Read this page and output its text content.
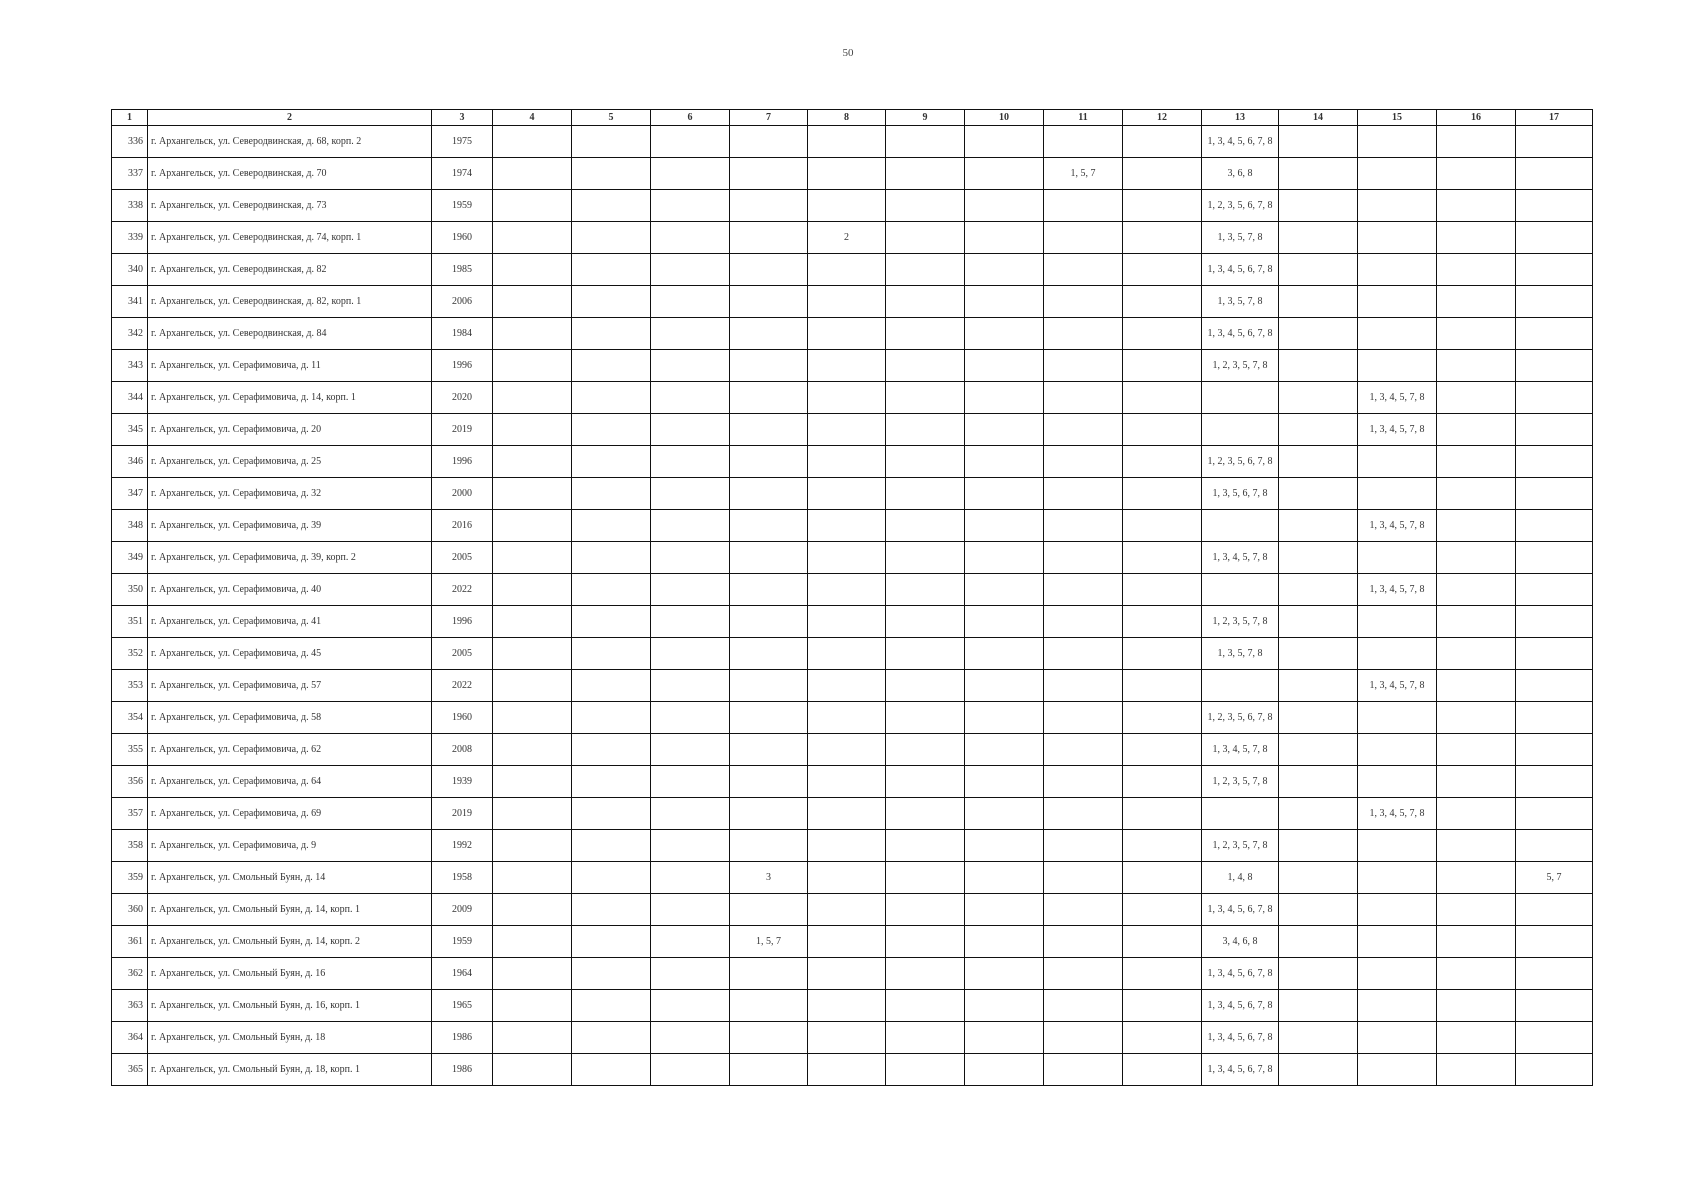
50
1	2	3	4	5	6	7	8	9	10	11	12	13	14	15	16	17
336	г. Архангельск, ул. Северодвинская, д. 68, корп. 2	1975										1, 3, 4, 5, 6, 7, 8				
337	г. Архангельск, ул. Северодвинская, д. 70	1974								1, 5, 7		3, 6, 8				
338	г. Архангельск, ул. Северодвинская, д. 73	1959										1, 2, 3, 5, 6, 7, 8				
339	г. Архангельск, ул. Северодвинская, д. 74, корп. 1	1960					2					1, 3, 5, 7, 8				
340	г. Архангельск, ул. Северодвинская, д. 82	1985										1, 3, 4, 5, 6, 7, 8				
341	г. Архангельск, ул. Северодвинская, д. 82, корп. 1	2006										1, 3, 5, 7, 8				
342	г. Архангельск, ул. Северодвинская, д. 84	1984										1, 3, 4, 5, 6, 7, 8				
343	г. Архангельск, ул. Серафимовича, д. 11	1996										1, 2, 3, 5, 7, 8				
344	г. Архангельск, ул. Серафимовича, д. 14, корп. 1	2020												1, 3, 4, 5, 7, 8		
345	г. Архангельск, ул. Серафимовича, д. 20	2019												1, 3, 4, 5, 7, 8		
346	г. Архангельск, ул. Серафимовича, д. 25	1996										1, 2, 3, 5, 6, 7, 8				
347	г. Архангельск, ул. Серафимовича, д. 32	2000										1, 3, 5, 6, 7, 8				
348	г. Архангельск, ул. Серафимовича, д. 39	2016												1, 3, 4, 5, 7, 8		
349	г. Архангельск, ул. Серафимовича, д. 39, корп. 2	2005										1, 3, 4, 5, 7, 8				
350	г. Архангельск, ул. Серафимовича, д. 40	2022												1, 3, 4, 5, 7, 8		
351	г. Архангельск, ул. Серафимовича, д. 41	1996										1, 2, 3, 5, 7, 8				
352	г. Архангельск, ул. Серафимовича, д. 45	2005										1, 3, 5, 7, 8				
353	г. Архангельск, ул. Серафимовича, д. 57	2022												1, 3, 4, 5, 7, 8		
354	г. Архангельск, ул. Серафимовича, д. 58	1960										1, 2, 3, 5, 6, 7, 8				
355	г. Архангельск, ул. Серафимовича, д. 62	2008										1, 3, 4, 5, 7, 8				
356	г. Архангельск, ул. Серафимовича, д. 64	1939										1, 2, 3, 5, 7, 8				
357	г. Архангельск, ул. Серафимовича, д. 69	2019												1, 3, 4, 5, 7, 8		
358	г. Архангельск, ул. Серафимовича, д. 9	1992										1, 2, 3, 5, 7, 8				
359	г. Архангельск, ул. Смольный Буян, д. 14	1958				3						1, 4, 8				5, 7
360	г. Архангельск, ул. Смольный Буян, д. 14, корп. 1	2009										1, 3, 4, 5, 6, 7, 8				
361	г. Архангельск, ул. Смольный Буян, д. 14, корп. 2	1959				1, 5, 7						3, 4, 6, 8				
362	г. Архангельск, ул. Смольный Буян, д. 16	1964										1, 3, 4, 5, 6, 7, 8				
363	г. Архангельск, ул. Смольный Буян, д. 16, корп. 1	1965										1, 3, 4, 5, 6, 7, 8				
364	г. Архангельск, ул. Смольный Буян, д. 18	1986										1, 3, 4, 5, 6, 7, 8				
365	г. Архангельск, ул. Смольный Буян, д. 18, корп. 1	1986										1, 3, 4, 5, 6, 7, 8				
